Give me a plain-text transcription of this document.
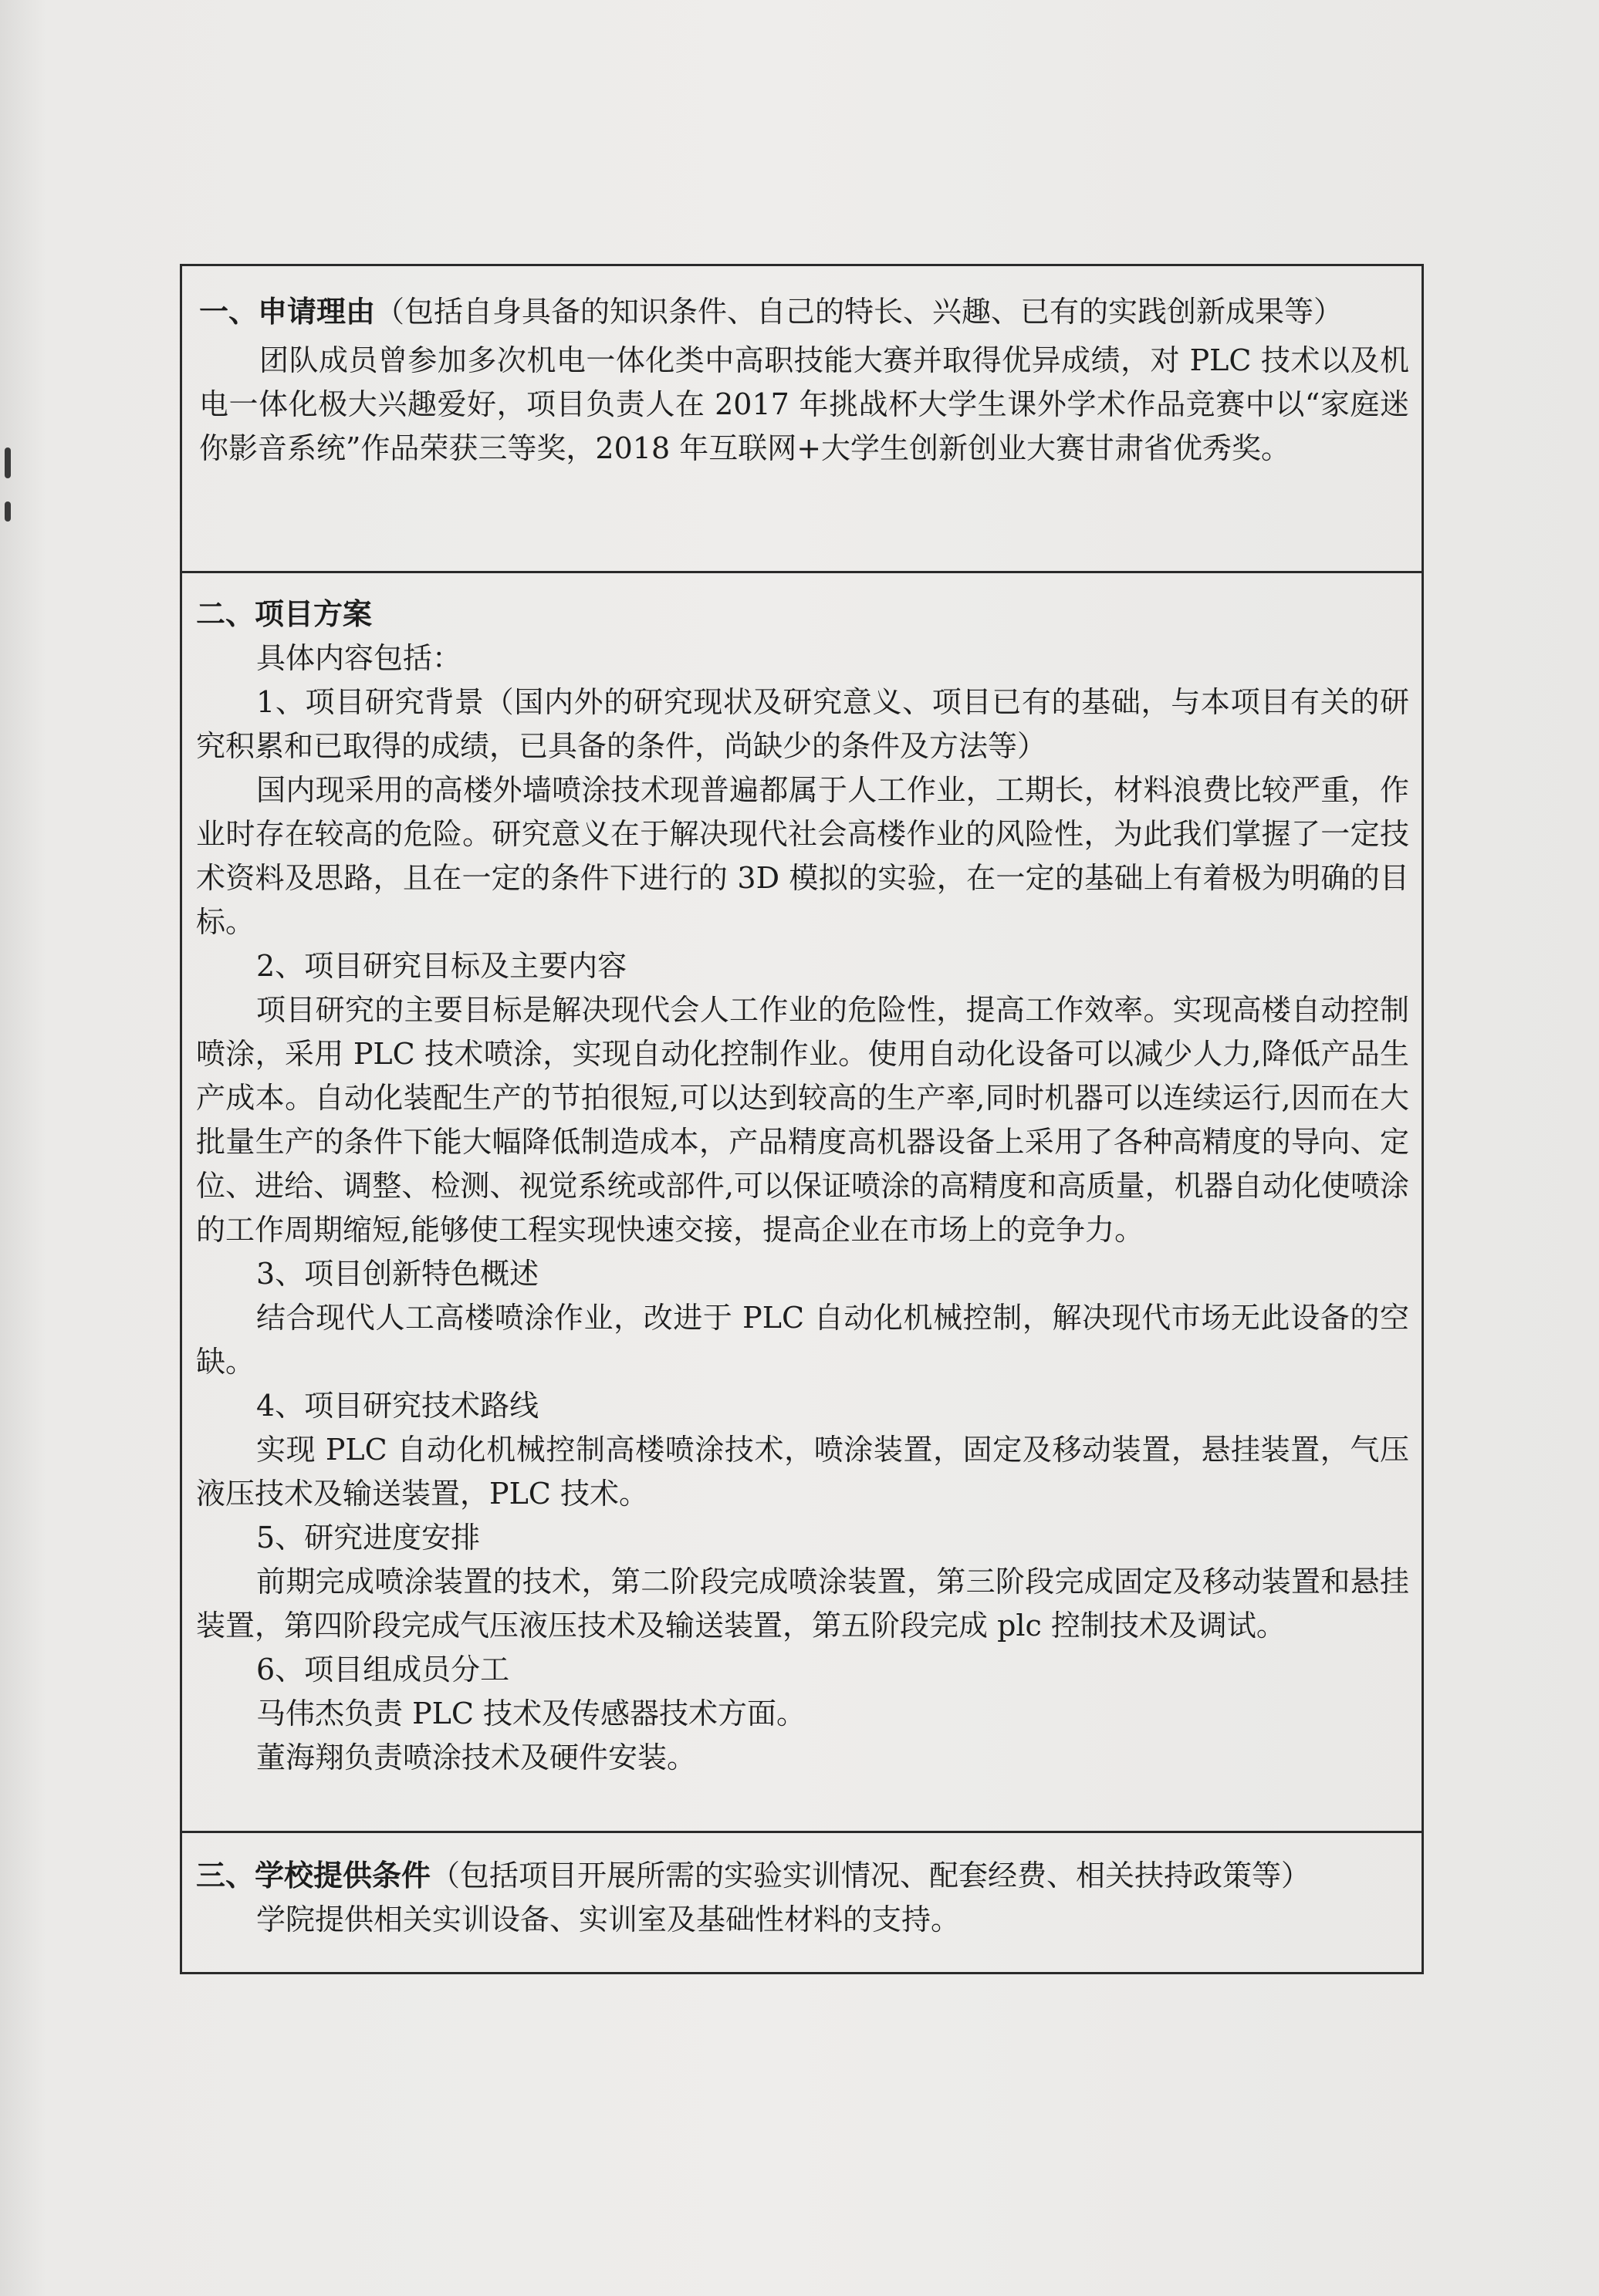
一、申请理由（包括自身具备的知识条件、自己的特长、兴趣、已有的实践创新成果等）

团队成员曾参加多次机电一体化类中高职技能大赛并取得优异成绩，对 PLC 技术以及机电一体化极大兴趣爱好，项目负责人在 2017 年挑战杯大学生课外学术作品竞赛中以“家庭迷你影音系统”作品荣获三等奖，2018 年互联网+大学生创新创业大赛甘肃省优秀奖。

二、项目方案

具体内容包括：

1、项目研究背景（国内外的研究现状及研究意义、项目已有的基础，与本项目有关的研究积累和已取得的成绩，已具备的条件，尚缺少的条件及方法等）

国内现采用的高楼外墙喷涂技术现普遍都属于人工作业，工期长，材料浪费比较严重，作业时存在较高的危险。研究意义在于解决现代社会高楼作业的风险性，为此我们掌握了一定技术资料及思路，且在一定的条件下进行的 3D 模拟的实验，在一定的基础上有着极为明确的目标。

2、项目研究目标及主要内容

项目研究的主要目标是解决现代会人工作业的危险性，提高工作效率。实现高楼自动控制喷涂，采用 PLC 技术喷涂，实现自动化控制作业。使用自动化设备可以减少人力,降低产品生产成本。自动化装配生产的节拍很短,可以达到较高的生产率,同时机器可以连续运行,因而在大批量生产的条件下能大幅降低制造成本，产品精度高机器设备上采用了各种高精度的导向、定位、进给、调整、检测、视觉系统或部件,可以保证喷涂的高精度和高质量，机器自动化使喷涂的工作周期缩短,能够使工程实现快速交接，提高企业在市场上的竞争力。

3、项目创新特色概述

结合现代人工高楼喷涂作业，改进于 PLC 自动化机械控制，解决现代市场无此设备的空缺。

4、项目研究技术路线

实现 PLC 自动化机械控制高楼喷涂技术，喷涂装置，固定及移动装置，悬挂装置，气压液压技术及输送装置，PLC 技术。

5、研究进度安排

前期完成喷涂装置的技术，第二阶段完成喷涂装置，第三阶段完成固定及移动装置和悬挂装置，第四阶段完成气压液压技术及输送装置，第五阶段完成 plc 控制技术及调试。

6、项目组成员分工

马伟杰负责 PLC 技术及传感器技术方面。

董海翔负责喷涂技术及硬件安装。

三、学校提供条件（包括项目开展所需的实验实训情况、配套经费、相关扶持政策等）

学院提供相关实训设备、实训室及基础性材料的支持。
